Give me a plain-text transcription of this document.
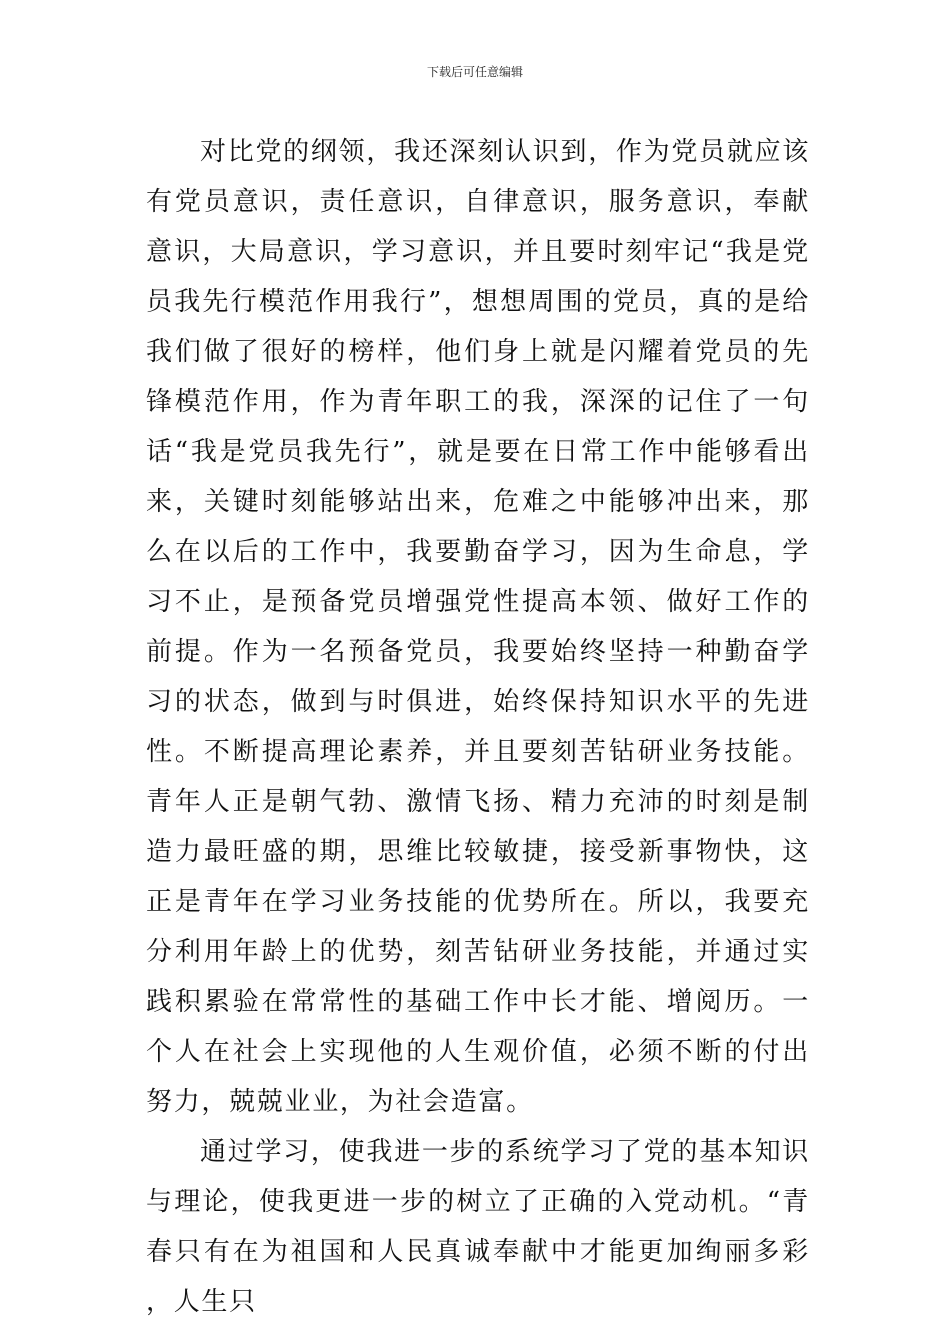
下载后可任意编辑

对比党的纲领，我还深刻认识到，作为党员就应该有党员意识，责任意识，自律意识，服务意识，奉献意识，大局意识，学习意识，并且要时刻牢记“我是党员我先行模范作用我行”，想想周围的党员，真的是给我们做了很好的榜样，他们身上就是闪耀着党员的先锋模范作用，作为青年职工的我，深深的记住了一句话“我是党员我先行”，就是要在日常工作中能够看出来，关键时刻能够站出来，危难之中能够冲出来，那么在以后的工作中，我要勤奋学习，因为生命息，学习不止，是预备党员增强党性提高本领、做好工作的前提。作为一名预备党员，我要始终坚持一种勤奋学习的状态，做到与时俱进，始终保持知识水平的先进性。不断提高理论素养，并且要刻苦钻研业务技能。青年人正是朝气勃、激情飞扬、精力充沛的时刻是制造力最旺盛的期，思维比较敏捷，接受新事物快，这正是青年在学习业务技能的优势所在。所以，我要充分利用年龄上的优势，刻苦钻研业务技能，并通过实践积累验在常常性的基础工作中长才能、增阅历。一个人在社会上实现他的人生观价值，必须不断的付出努力，兢兢业业，为社会造富。

通过学习，使我进一步的系统学习了党的基本知识与理论，使我更进一步的树立了正确的入党动机。“青春只有在为祖国和人民真诚奉献中才能更加绚丽多彩，人生只
